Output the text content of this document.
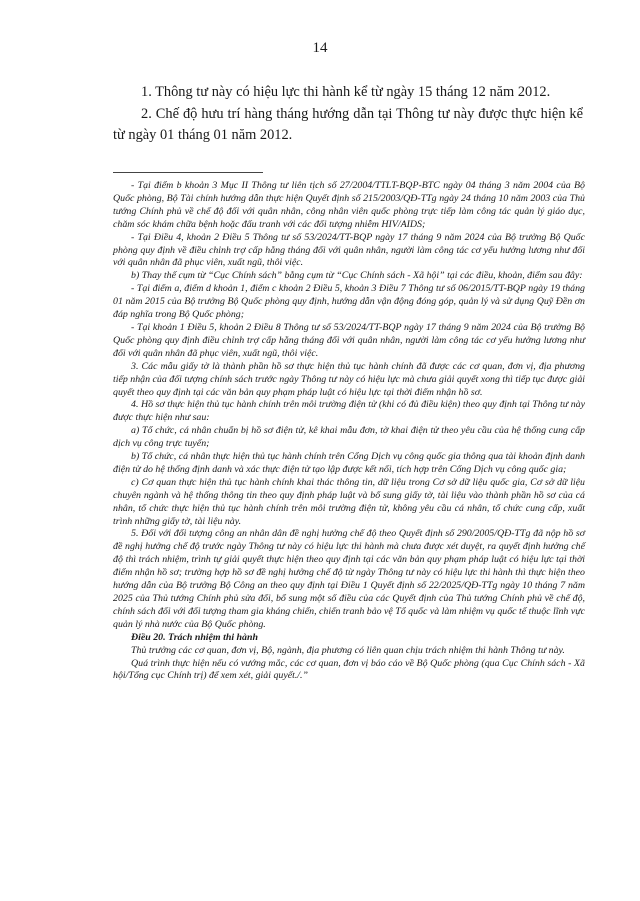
14

1. Thông tư này có hiệu lực thi hành kể từ ngày 15 tháng 12 năm 2012.

2. Chế độ hưu trí hàng tháng hướng dẫn tại Thông tư này được thực hiện kể từ ngày 01 tháng 01 năm 2012.

- Tại điểm b khoản 3 Mục II Thông tư liên tịch số 27/2004/TTLT-BQP-BTC ngày 04 tháng 3 năm 2004 của Bộ Quốc phòng, Bộ Tài chính hướng dẫn thực hiện Quyết định số 215/2003/QĐ-TTg ngày 24 tháng 10 năm 2003 của Thủ tướng Chính phủ về chế độ đối với quân nhân, công nhân viên quốc phòng trực tiếp làm công tác quản lý giáo dục, chăm sóc khám chữa bệnh hoặc đấu tranh với các đối tượng nhiễm HIV/AIDS;

- Tại Điều 4, khoản 2 Điều 5 Thông tư số 53/2024/TT-BQP ngày 17 tháng 9 năm 2024 của Bộ trưởng Bộ Quốc phòng quy định về điều chỉnh trợ cấp hằng tháng đối với quân nhân, người làm công tác cơ yếu hưởng lương như đối với quân nhân đã phục viên, xuất ngũ, thôi việc.

b) Thay thế cụm từ “Cục Chính sách” bằng cụm từ “Cục Chính sách - Xã hội” tại các điều, khoản, điểm sau đây:

- Tại điểm a, điểm d khoản 1, điểm c khoản 2 Điều 5, khoản 3 Điều 7 Thông tư số 06/2015/TT-BQP ngày 19 tháng 01 năm 2015 của Bộ trưởng Bộ Quốc phòng quy định, hướng dẫn vận động đóng góp, quản lý và sử dụng Quỹ Đền ơn đáp nghĩa trong Bộ Quốc phòng;

- Tại khoản 1 Điều 5, khoản 2 Điều 8 Thông tư số 53/2024/TT-BQP ngày 17 tháng 9 năm 2024 của Bộ trưởng Bộ Quốc phòng quy định điều chỉnh trợ cấp hằng tháng đối với quân nhân, người làm công tác cơ yếu hưởng lương như đối với quân nhân đã phục viên, xuất ngũ, thôi việc.

3. Các mẫu giấy tờ là thành phần hồ sơ thực hiện thủ tục hành chính đã được các cơ quan, đơn vị, địa phương tiếp nhận của đối tượng chính sách trước ngày Thông tư này có hiệu lực mà chưa giải quyết xong thì tiếp tục được giải quyết theo quy định tại các văn bản quy phạm pháp luật có hiệu lực tại thời điểm nhận hồ sơ.

4. Hồ sơ thực hiện thủ tục hành chính trên môi trường điện tử (khi có đủ điều kiện) theo quy định tại Thông tư này được thực hiện như sau:

a) Tổ chức, cá nhân chuẩn bị hồ sơ điện tử, kê khai mẫu đơn, tờ khai điện tử theo yêu cầu của hệ thống cung cấp dịch vụ công trực tuyến;

b) Tổ chức, cá nhân thực hiện thủ tục hành chính trên Cổng Dịch vụ công quốc gia thông qua tài khoản định danh điện tử do hệ thống định danh và xác thực điện tử tạo lập được kết nối, tích hợp trên Cổng Dịch vụ công quốc gia;

c) Cơ quan thực hiện thủ tục hành chính khai thác thông tin, dữ liệu trong Cơ sở dữ liệu quốc gia, Cơ sở dữ liệu chuyên ngành và hệ thống thông tin theo quy định pháp luật và bổ sung giấy tờ, tài liệu vào thành phần hồ sơ của cá nhân, tổ chức thực hiện thủ tục hành chính trên môi trường điện tử, không yêu cầu cá nhân, tổ chức cung cấp, xuất trình những giấy tờ, tài liệu này.

5. Đối với đối tượng công an nhân dân đề nghị hưởng chế độ theo Quyết định số 290/2005/QĐ-TTg đã nộp hồ sơ đề nghị hưởng chế độ trước ngày Thông tư này có hiệu lực thi hành mà chưa được xét duyệt, ra quyết định hưởng chế độ thì trách nhiệm, trình tự giải quyết thực hiện theo quy định tại các văn bản quy phạm pháp luật có hiệu lực tại thời điểm nhận hồ sơ; trường hợp hồ sơ đề nghị hưởng chế độ từ ngày Thông tư này có hiệu lực thi hành thì thực hiện theo hướng dẫn của Bộ trưởng Bộ Công an theo quy định tại Điều 1 Quyết định số 22/2025/QĐ-TTg ngày 10 tháng 7 năm 2025 của Thủ tướng Chính phủ sửa đổi, bổ sung một số điều của các Quyết định của Thủ tướng Chính phủ về chế độ, chính sách đối với đối tượng tham gia kháng chiến, chiến tranh bảo vệ Tổ quốc và làm nhiệm vụ quốc tế thuộc lĩnh vực quản lý nhà nước của Bộ Quốc phòng.

Điều 20. Trách nhiệm thi hành

Thủ trưởng các cơ quan, đơn vị, Bộ, ngành, địa phương có liên quan chịu trách nhiệm thi hành Thông tư này.

Quá trình thực hiện nếu có vướng mắc, các cơ quan, đơn vị báo cáo về Bộ Quốc phòng (qua Cục Chính sách - Xã hội/Tổng cục Chính trị) để xem xét, giải quyết./.”
